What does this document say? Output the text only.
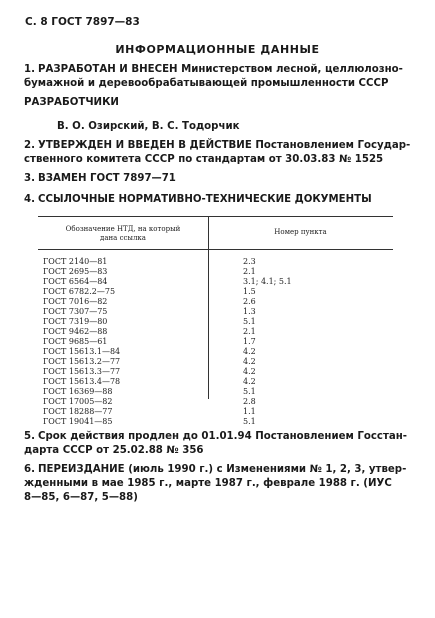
С. 8 ГОСТ 7897—83
ИНФОРМАЦИОННЫЕ ДАННЫЕ
1. РАЗРАБОТАН И ВНЕСЕН Министерством лесной, целлюлозно-
бумажной и деревообрабатывающей промышленности СССР
РАЗРАБОТЧИКИ
В. О. Озирский, В. С. Тодорчик
2. УТВЕРЖДЕН И ВВЕДЕН В ДЕЙСТВИЕ Постановлением Государ-
ственного комитета СССР по стандартам от 30.03.83 № 1525
3. ВЗАМЕН ГОСТ 7897—71
4. ССЫЛОЧНЫЕ НОРМАТИВНО-ТЕХНИЧЕСКИЕ ДОКУМЕНТЫ
Обозначение НТД, на который
дана ссылка
Номер пункта
ГОСТ 2140—81	2.3
ГОСТ 2695—83	2.1
ГОСТ 6564—84	3.1; 4.1; 5.1
ГОСТ 6782.2—75	1.5
ГОСТ 7016—82	2.6
ГОСТ 7307—75	1.3
ГОСТ 7319—80	5.1
ГОСТ 9462—88	2.1
ГОСТ 9685—61	1.7
ГОСТ 15613.1—84	4.2
ГОСТ 15613.2—77	4.2
ГОСТ 15613.3—77	4.2
ГОСТ 15613.4—78	4.2
ГОСТ 16369—88	5.1
ГОСТ 17005—82	2.8
ГОСТ 18288—77	1.1
ГОСТ 19041—85	5.1
5. Срок действия продлен до 01.01.94 Постановлением Госстан-
дарта СССР от 25.02.88 № 356
6. ПЕРЕИЗДАНИЕ (июль 1990 г.) с Изменениями № 1, 2, 3, утвер-
жденными в мае 1985 г., марте 1987 г., феврале 1988 г. (ИУС
8—85, 6—87, 5—88)
